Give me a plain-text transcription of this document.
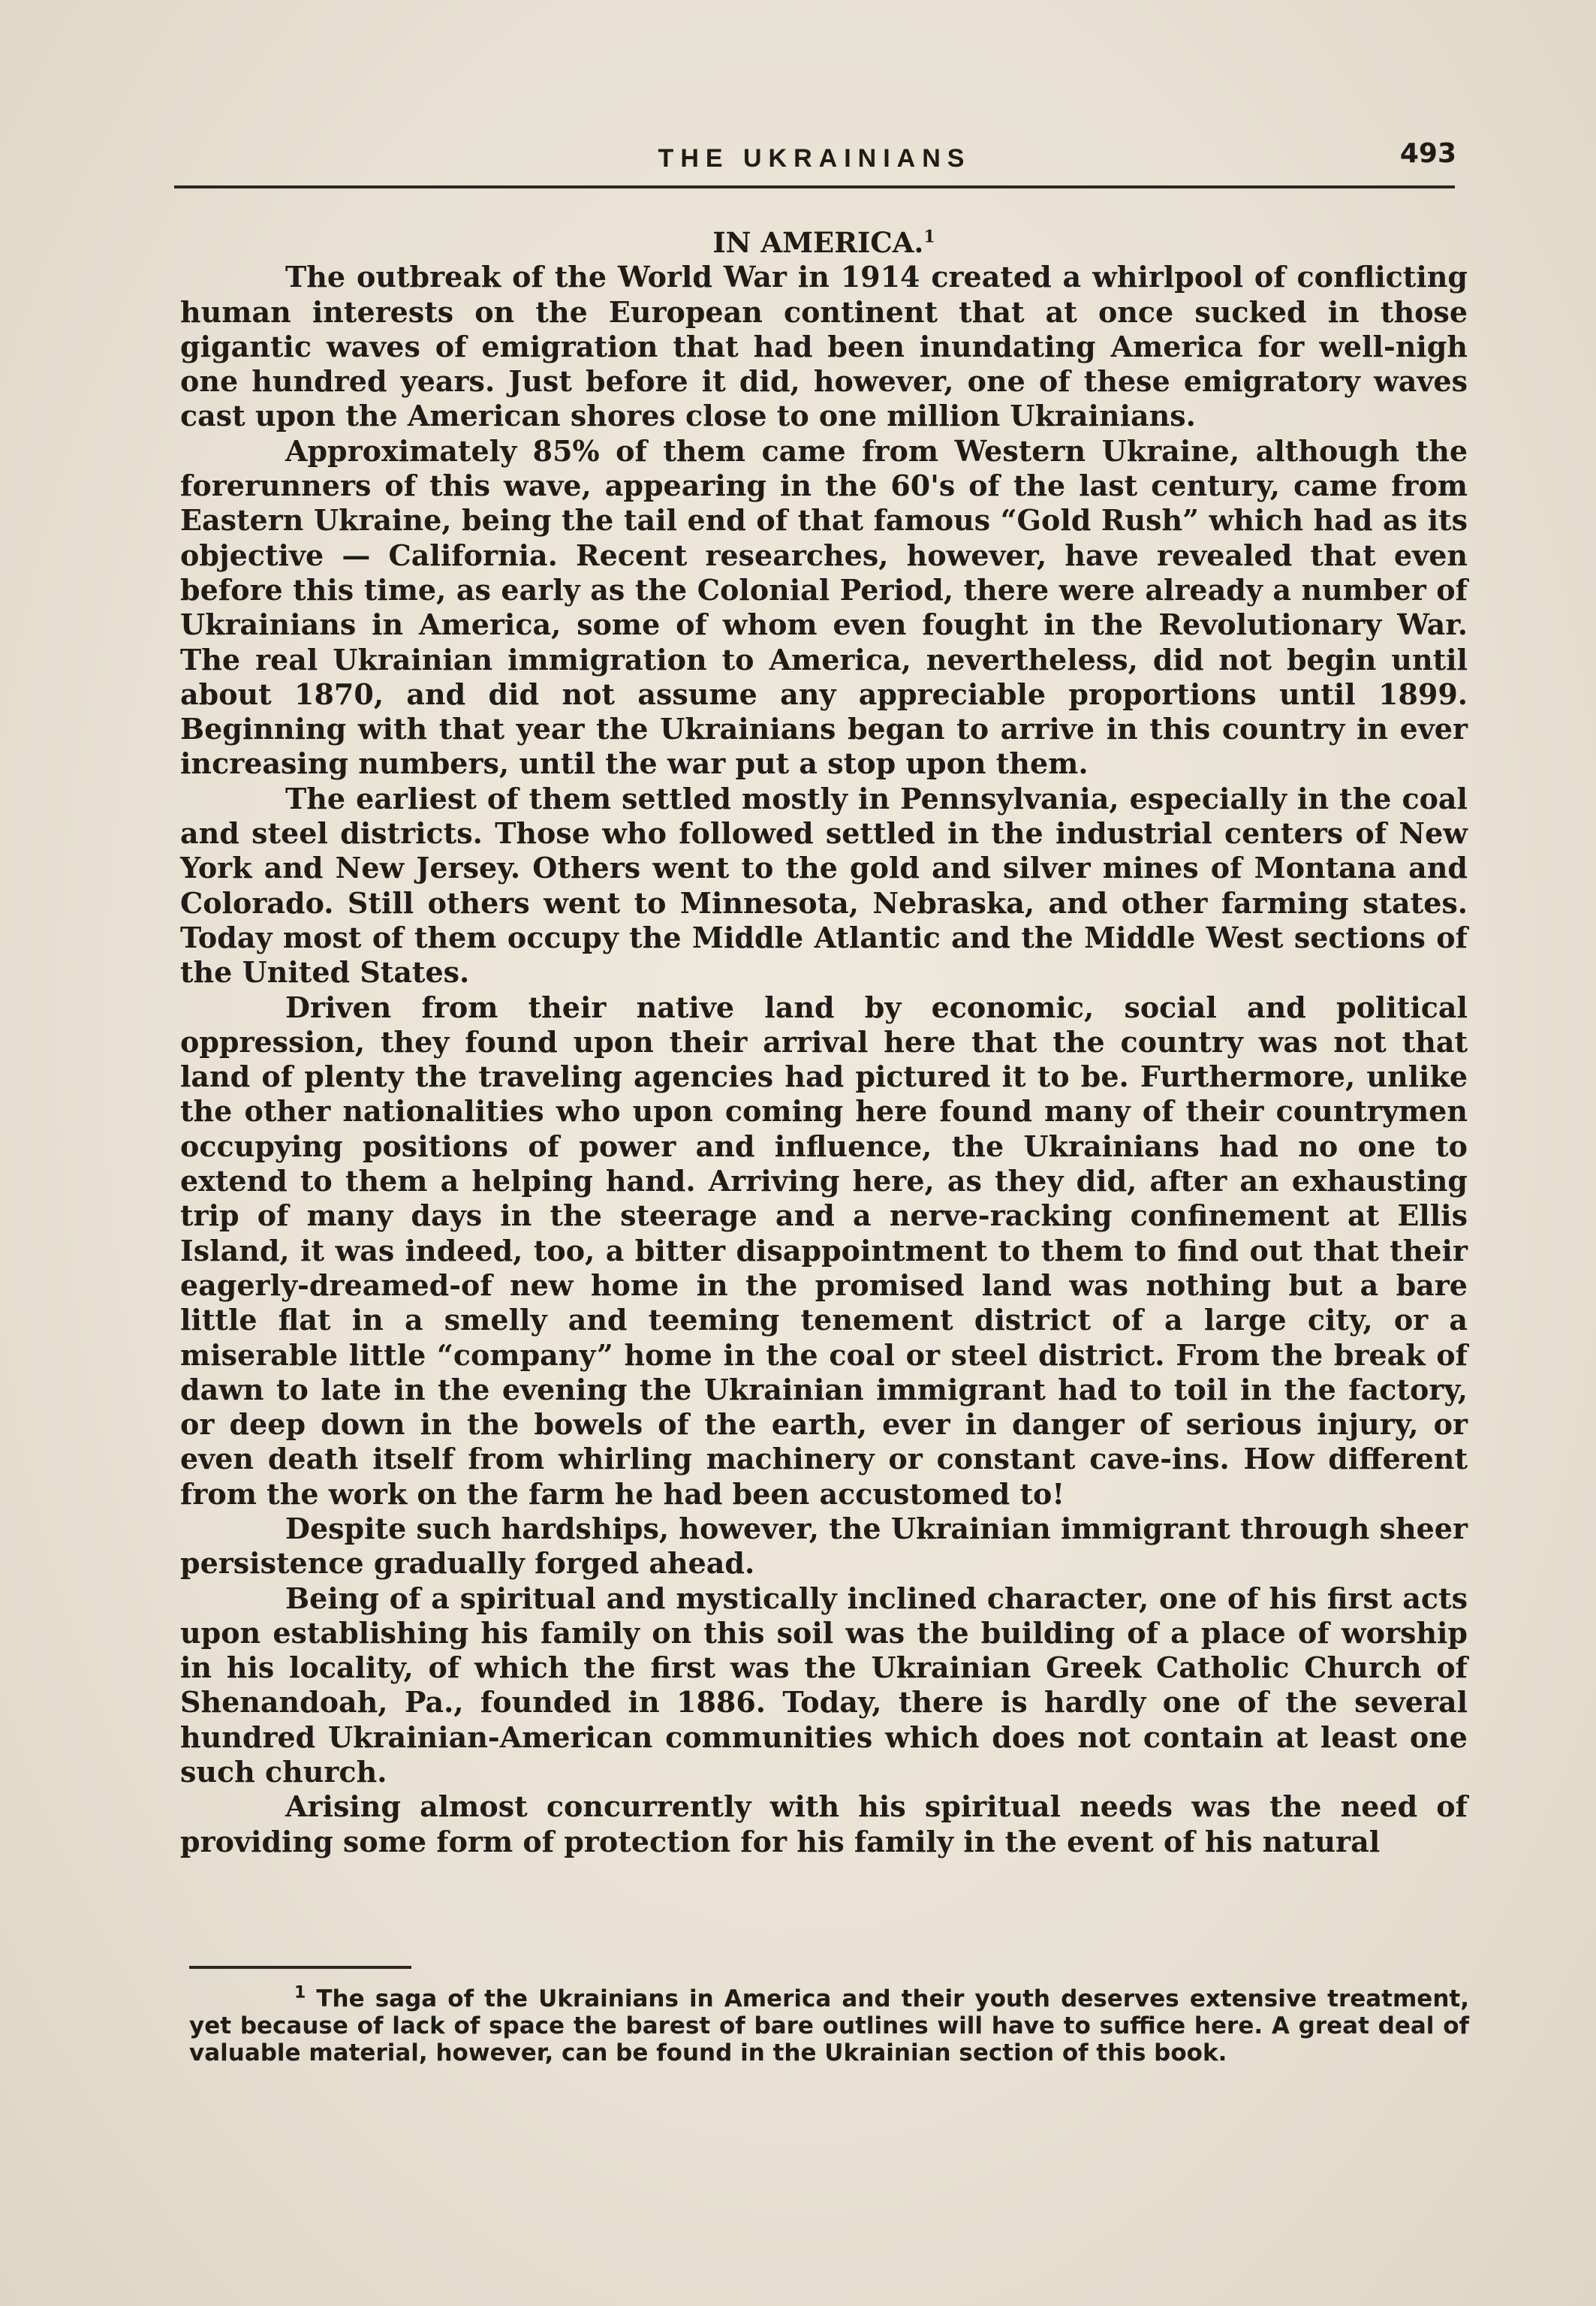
THE UKRAINIANS	493
IN AMERICA.$^1$

The outbreak of the World War in 1914 created a whirlpool of conflicting human interests on the European continent that at once sucked in those gigantic waves of emigration that had been inundating America for well-nigh one hundred years. Just before it did, however, one of these emigratory waves cast upon the American shores close to one million Ukrainians.

Approximately 85% of them came from Western Ukraine, although the forerunners of this wave, appearing in the 60's of the last century, came from Eastern Ukraine, being the tail end of that famous “Gold Rush” which had as its objective — California. Recent researches, however, have revealed that even before this time, as early as the Colonial Period, there were already a number of Ukrainians in America, some of whom even fought in the Revolutionary War. The real Ukrainian immigration to America, nevertheless, did not begin until about 1870, and did not assume any appreciable proportions until 1899. Beginning with that year the Ukrainians began to arrive in this country in ever increasing numbers, until the war put a stop upon them.

The earliest of them settled mostly in Pennsylvania, especially in the coal and steel districts. Those who followed settled in the industrial centers of New York and New Jersey. Others went to the gold and silver mines of Montana and Colorado. Still others went to Minnesota, Nebraska, and other farming states. Today most of them occupy the Middle Atlantic and the Middle West sections of the United States.

Driven from their native land by economic, social and political oppression, they found upon their arrival here that the country was not that land of plenty the traveling agencies had pictured it to be. Furthermore, unlike the other nationalities who upon coming here found many of their countrymen occupying positions of power and influence, the Ukrainians had no one to extend to them a helping hand. Arriving here, as they did, after an exhausting trip of many days in the steerage and a nerve-racking confinement at Ellis Island, it was indeed, too, a bitter disappointment to them to find out that their eagerly-dreamed-of new home in the promised land was nothing but a bare little flat in a smelly and teeming tenement district of a large city, or a miserable little “company” home in the coal or steel district. From the break of dawn to late in the evening the Ukrainian immigrant had to toil in the factory, or deep down in the bowels of the earth, ever in danger of serious injury, or even death itself from whirling machinery or constant cave-ins. How different from the work on the farm he had been accustomed to!

Despite such hardships, however, the Ukrainian immigrant through sheer persistence gradually forged ahead.

Being of a spiritual and mystically inclined character, one of his first acts upon establishing his family on this soil was the building of a place of worship in his locality, of which the first was the Ukrainian Greek Catholic Church of Shenandoah, Pa., founded in 1886. Today, there is hardly one of the several hundred Ukrainian-American communities which does not contain at least one such church.

Arising almost concurrently with his spiritual needs was the need of providing some form of protection for his family in the event of his natural

$^1$ The saga of the Ukrainians in America and their youth deserves extensive treatment, yet because of lack of space the barest of bare outlines will have to suffice here. A great deal of valuable material, however, can be found in the Ukrainian section of this book.
